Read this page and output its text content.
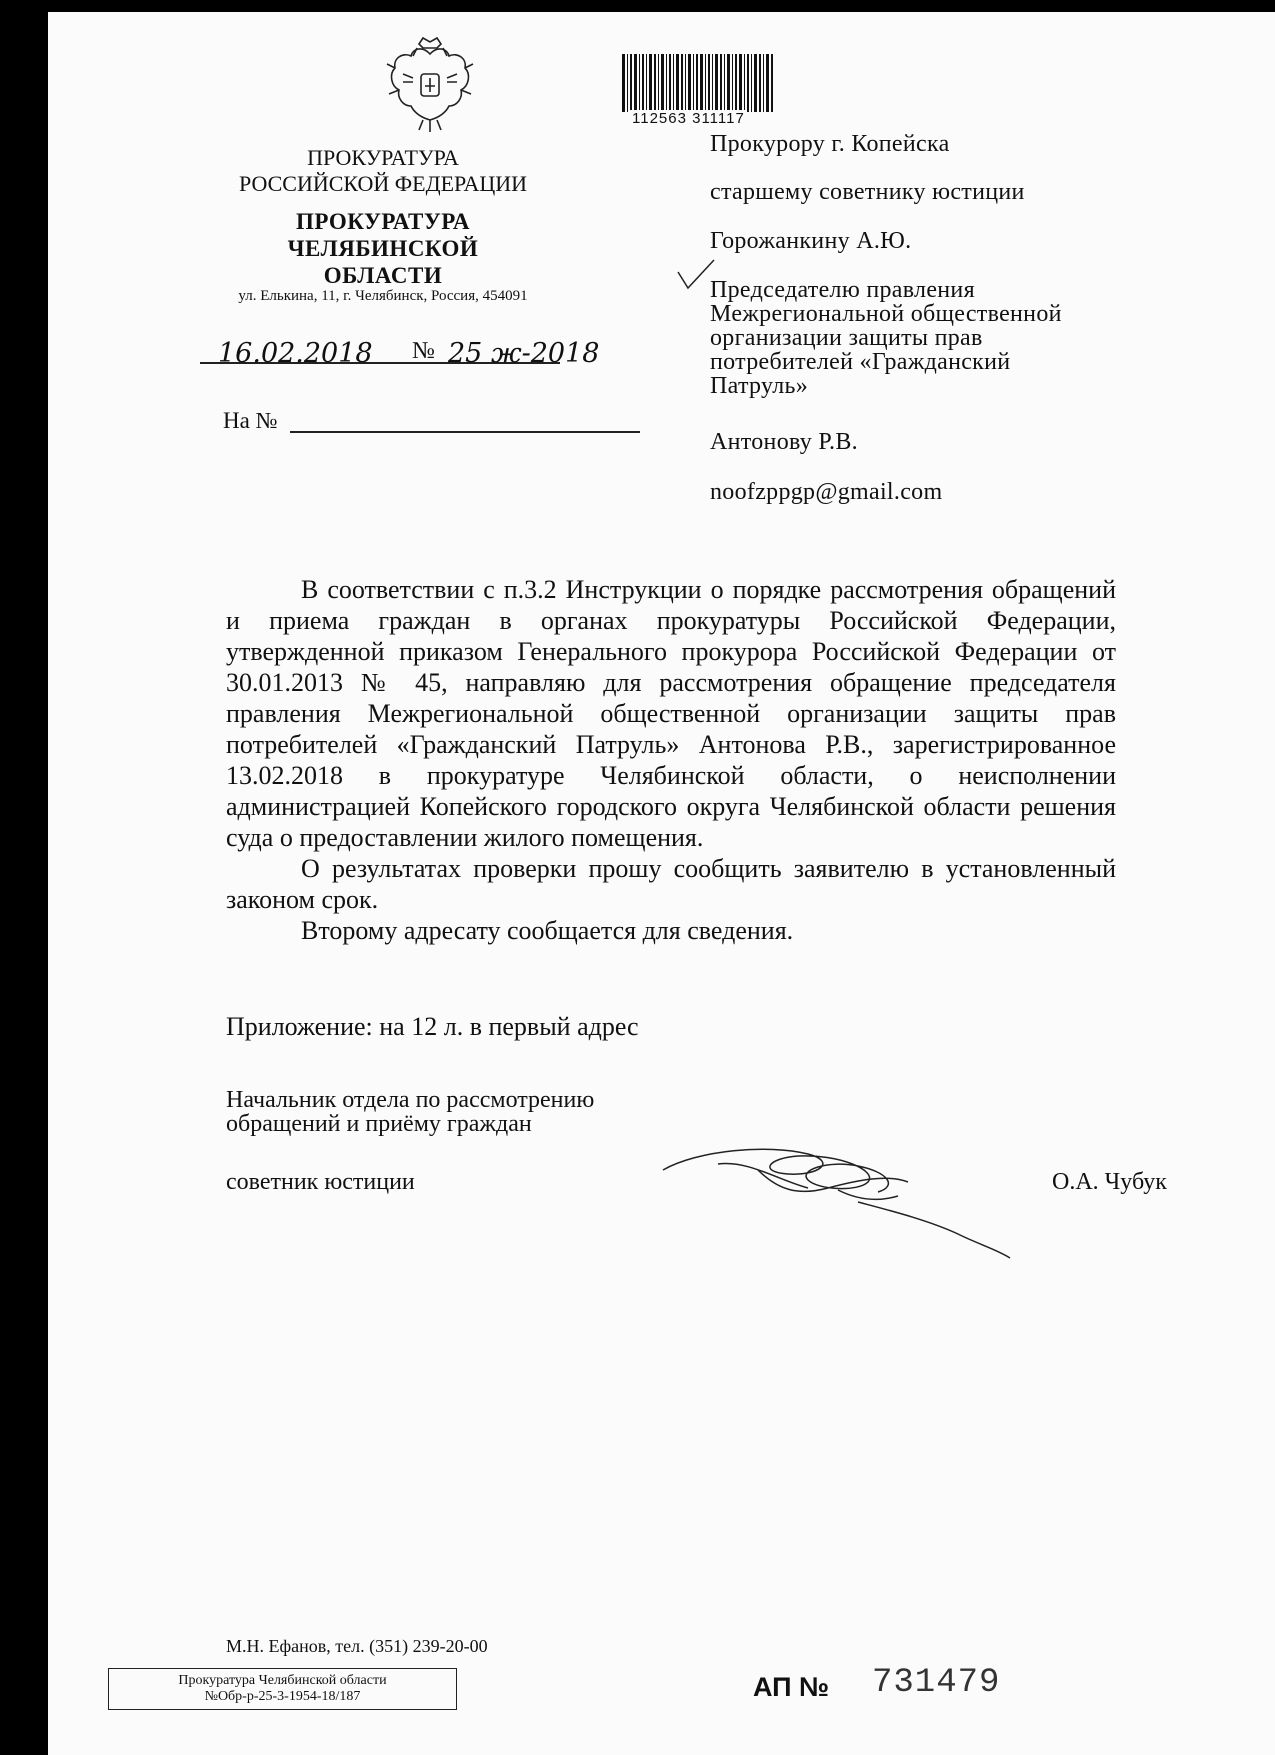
ПРОКУРАТУРА
РОССИЙСКОЙ ФЕДЕРАЦИИ
ПРОКУРАТУРА
ЧЕЛЯБИНСКОЙ ОБЛАСТИ
ул. Елькина, 11, г. Челябинск, Россия, 454091
16.02.2018 № 25 ж-2018
На №
112563 311117
Прокурору г. Копейска
старшему советнику юстиции
Горожанкину А.Ю.
Председателю правления
Межрегиональной общественной
организации защиты прав
потребителей «Гражданский
Патруль»
Антонову Р.В.
noofzppgp@gmail.com

В соответствии с п.3.2 Инструкции о порядке рассмотрения обращений и приема граждан в органах прокуратуры Российской Федерации, утвержденной приказом Генерального прокурора Российской Федерации от 30.01.2013 № 45, направляю для рассмотрения обращение председателя правления Межрегиональной общественной организации защиты прав потребителей «Гражданский Патруль» Антонова Р.В., зарегистрированное 13.02.2018 в прокуратуре Челябинской области, о неисполнении администрацией Копейского городского округа Челябинской области решения суда о предоставлении жилого помещения.

О результатах проверки прошу сообщить заявителю в установленный законом срок.

Второму адресату сообщается для сведения.

Приложение: на 12 л. в первый адрес
Начальник отдела по рассмотрению
обращений и приёму граждан
советник юстиции	О.А. Чубук
М.Н. Ефанов, тел. (351) 239-20-00
Прокуратура Челябинской области
№Обр-р-25-3-1954-18/187	АП № 731479
